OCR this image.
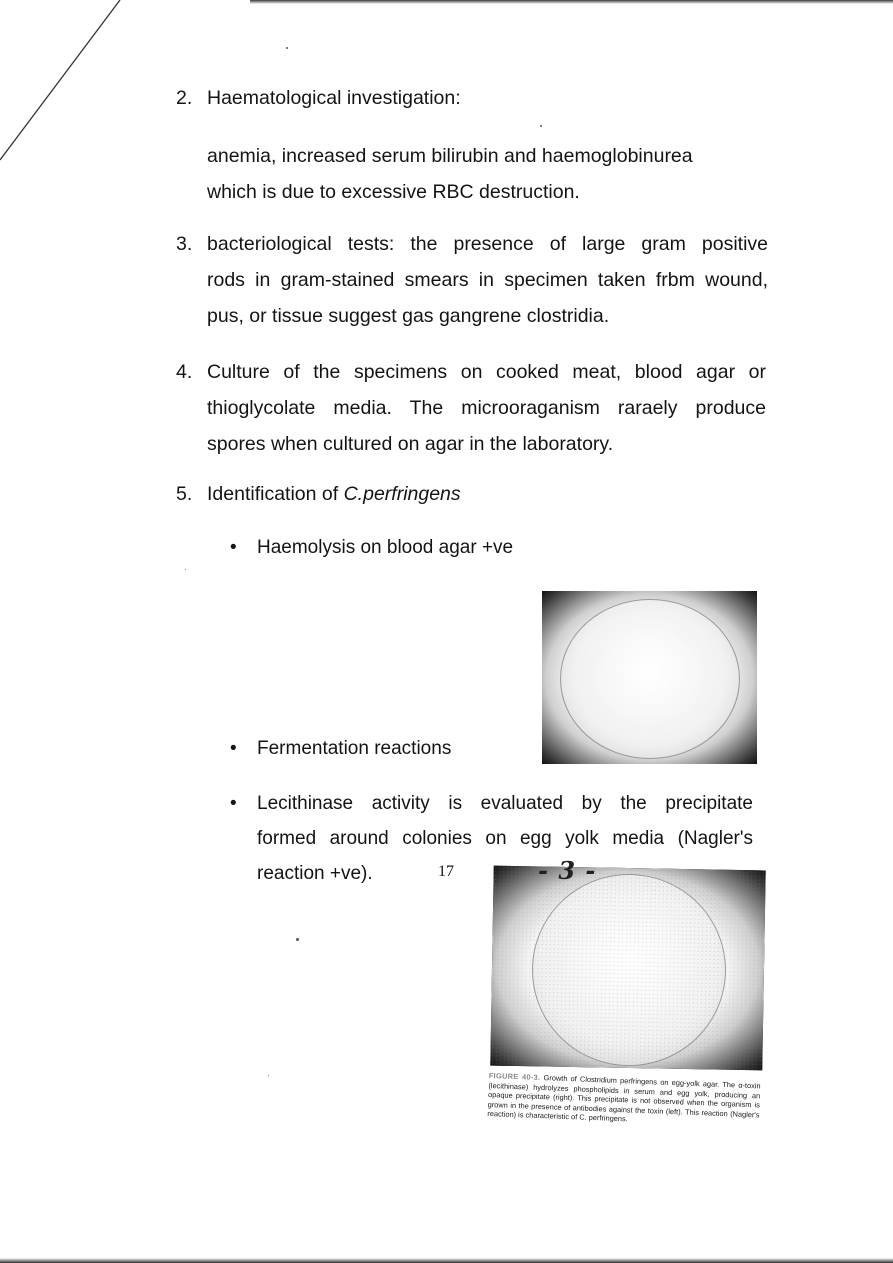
2. Haematological investigation:
anemia, increased serum bilirubin and haemoglobinurea
which is due to excessive RBC destruction.
3. bacteriological tests: the presence of large gram positive
rods in gram-stained smears in specimen taken frbm wound,
pus, or tissue suggest gas gangrene clostridia.
4. Culture of the specimens on cooked meat, blood agar or
thioglycolate media. The microoraganism raraely produce
spores when cultured on agar in the laboratory.
5. Identification of C.perfringens
• Haemolysis on blood agar +ve
• Fermentation reactions
• Lecithinase activity is evaluated by the precipitate
formed around colonies on egg yolk media (Nagler's
reaction +ve).
FIGURE 40-3. Growth of Clostridium perfringens on egg-yolk agar. The α-toxin (lecithinase) hydrolyzes phospholipids in serum and egg yolk, producing an opaque precipitate (right). This precipitate is not observed when the organism is grown in the presence of antibodies against the toxin (left). This reaction (Nagler's reaction) is characteristic of C. perfringens.
17	- 3 -
